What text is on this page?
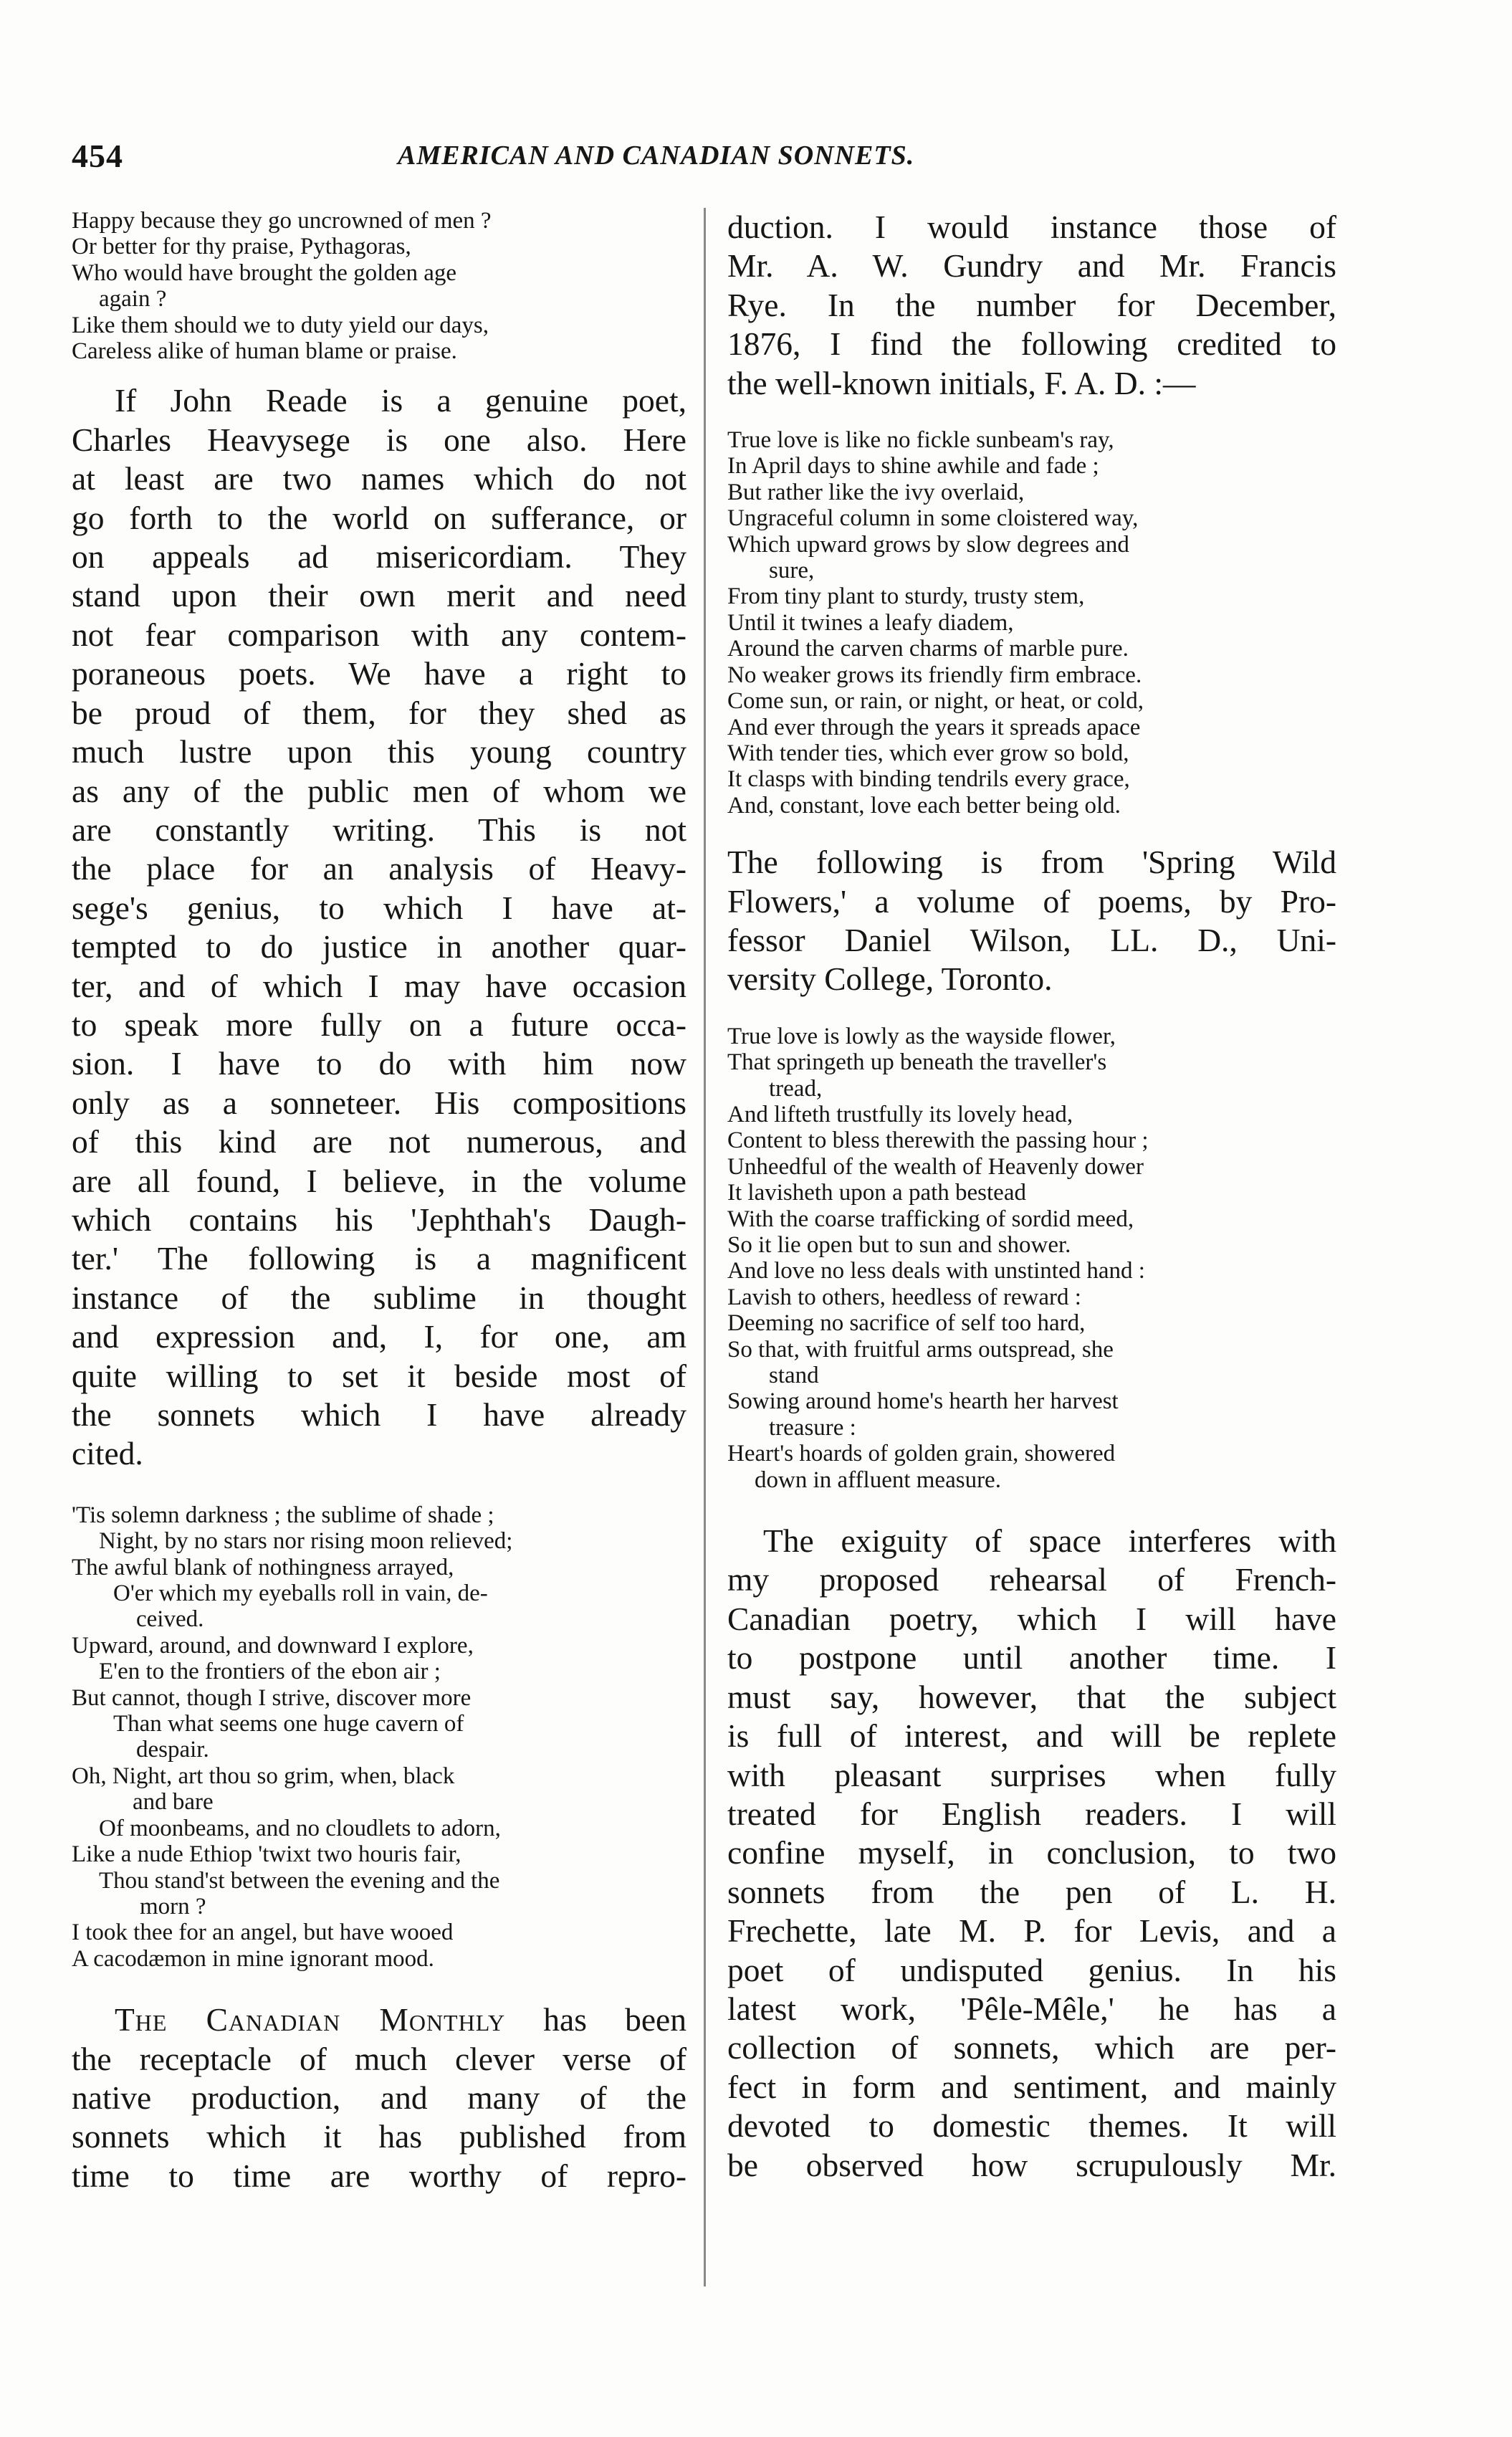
454	AMERICAN AND CANADIAN SONNETS.
Happy because they go uncrowned of men ?
Or better for thy praise, Pythagoras,
Who would have brought the golden age
again ?
Like them should we to duty yield our days,
Careless alike of human blame or praise.
If John Reade is a genuine poet,
Charles Heavysege is one also. Here
at least are two names which do not
go forth to the world on sufferance, or
on appeals ad misericordiam. They
stand upon their own merit and need
not fear comparison with any contem-
poraneous poets. We have a right to
be proud of them, for they shed as
much lustre upon this young country
as any of the public men of whom we
are constantly writing. This is not
the place for an analysis of Heavy-
sege's genius, to which I have at-
tempted to do justice in another quar-
ter, and of which I may have occasion
to speak more fully on a future occa-
sion. I have to do with him now
only as a sonneteer. His compositions
of this kind are not numerous, and
are all found, I believe, in the volume
which contains his 'Jephthah's Daugh-
ter.' The following is a magnificent
instance of the sublime in thought
and expression and, I, for one, am
quite willing to set it beside most of
the sonnets which I have already
cited.
'Tis solemn darkness ; the sublime of shade ;
Night, by no stars nor rising moon relieved;
The awful blank of nothingness arrayed,
O'er which my eyeballs roll in vain, de-
ceived.
Upward, around, and downward I explore,
E'en to the frontiers of the ebon air ;
But cannot, though I strive, discover more
Than what seems one huge cavern of
despair.
Oh, Night, art thou so grim, when, black
and bare
Of moonbeams, and no cloudlets to adorn,
Like a nude Ethiop 'twixt two houris fair,
Thou stand'st between the evening and the
morn ?
I took thee for an angel, but have wooed
A cacodæmon in mine ignorant mood.
The Canadian Monthly has been
the receptacle of much clever verse of
native production, and many of the
sonnets which it has published from
time to time are worthy of repro-
duction. I would instance those of
Mr. A. W. Gundry and Mr. Francis
Rye. In the number for December,
1876, I find the following credited to
the well-known initials, F. A. D. :—
True love is like no fickle sunbeam's ray,
In April days to shine awhile and fade ;
But rather like the ivy overlaid,
Ungraceful column in some cloistered way,
Which upward grows by slow degrees and
sure,
From tiny plant to sturdy, trusty stem,
Until it twines a leafy diadem,
Around the carven charms of marble pure.
No weaker grows its friendly firm embrace.
Come sun, or rain, or night, or heat, or cold,
And ever through the years it spreads apace
With tender ties, which ever grow so bold,
It clasps with binding tendrils every grace,
And, constant, love each better being old.
The following is from 'Spring Wild
Flowers,' a volume of poems, by Pro-
fessor Daniel Wilson, LL. D., Uni-
versity College, Toronto.
True love is lowly as the wayside flower,
That springeth up beneath the traveller's
tread,
And lifteth trustfully its lovely head,
Content to bless therewith the passing hour ;
Unheedful of the wealth of Heavenly dower
It lavisheth upon a path bestead
With the coarse trafficking of sordid meed,
So it lie open but to sun and shower.
And love no less deals with unstinted hand :
Lavish to others, heedless of reward :
Deeming no sacrifice of self too hard,
So that, with fruitful arms outspread, she
stand
Sowing around home's hearth her harvest
treasure :
Heart's hoards of golden grain, showered
down in affluent measure.
The exiguity of space interferes with
my proposed rehearsal of French-
Canadian poetry, which I will have
to postpone until another time. I
must say, however, that the subject
is full of interest, and will be replete
with pleasant surprises when fully
treated for English readers. I will
confine myself, in conclusion, to two
sonnets from the pen of L. H.
Frechette, late M. P. for Levis, and a
poet of undisputed genius. In his
latest work, 'Pêle-Mêle,' he has a
collection of sonnets, which are per-
fect in form and sentiment, and mainly
devoted to domestic themes. It will
be observed how scrupulously Mr.
